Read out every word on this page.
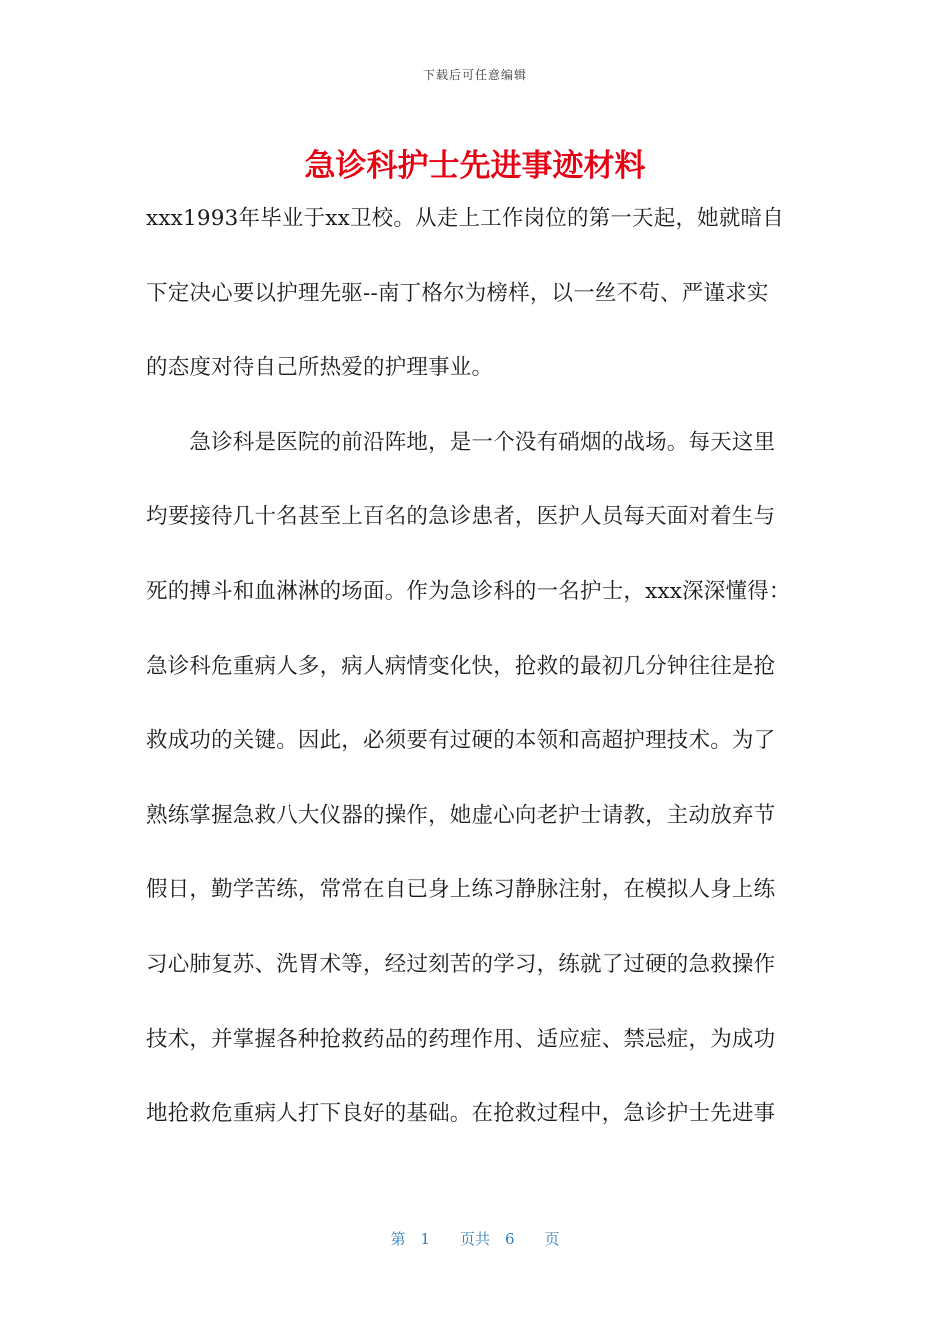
下载后可任意编辑
急诊科护士先进事迹材料
xxx1993年毕业于xx卫校。从走上工作岗位的第一天起，她就暗自
下定决心要以护理先驱--南丁格尔为榜样，以一丝不苟、严谨求实
的态度对待自己所热爱的护理事业。
　　急诊科是医院的前沿阵地，是一个没有硝烟的战场。每天这里
均要接待几十名甚至上百名的急诊患者，医护人员每天面对着生与
死的搏斗和血淋淋的场面。作为急诊科的一名护士，xxx深深懂得：
急诊科危重病人多，病人病情变化快，抢救的最初几分钟往往是抢
救成功的关键。因此，必须要有过硬的本领和高超护理技术。为了
熟练掌握急救八大仪器的操作，她虚心向老护士请教，主动放弃节
假日，勤学苦练，常常在自已身上练习静脉注射，在模拟人身上练
习心肺复苏、洗胃术等，经过刻苦的学习，练就了过硬的急救操作
技术，并掌握各种抢救药品的药理作用、适应症、禁忌症，为成功
地抢救危重病人打下良好的基础。在抢救过程中，急诊护士先进事
第　1　　页共　6　　页
